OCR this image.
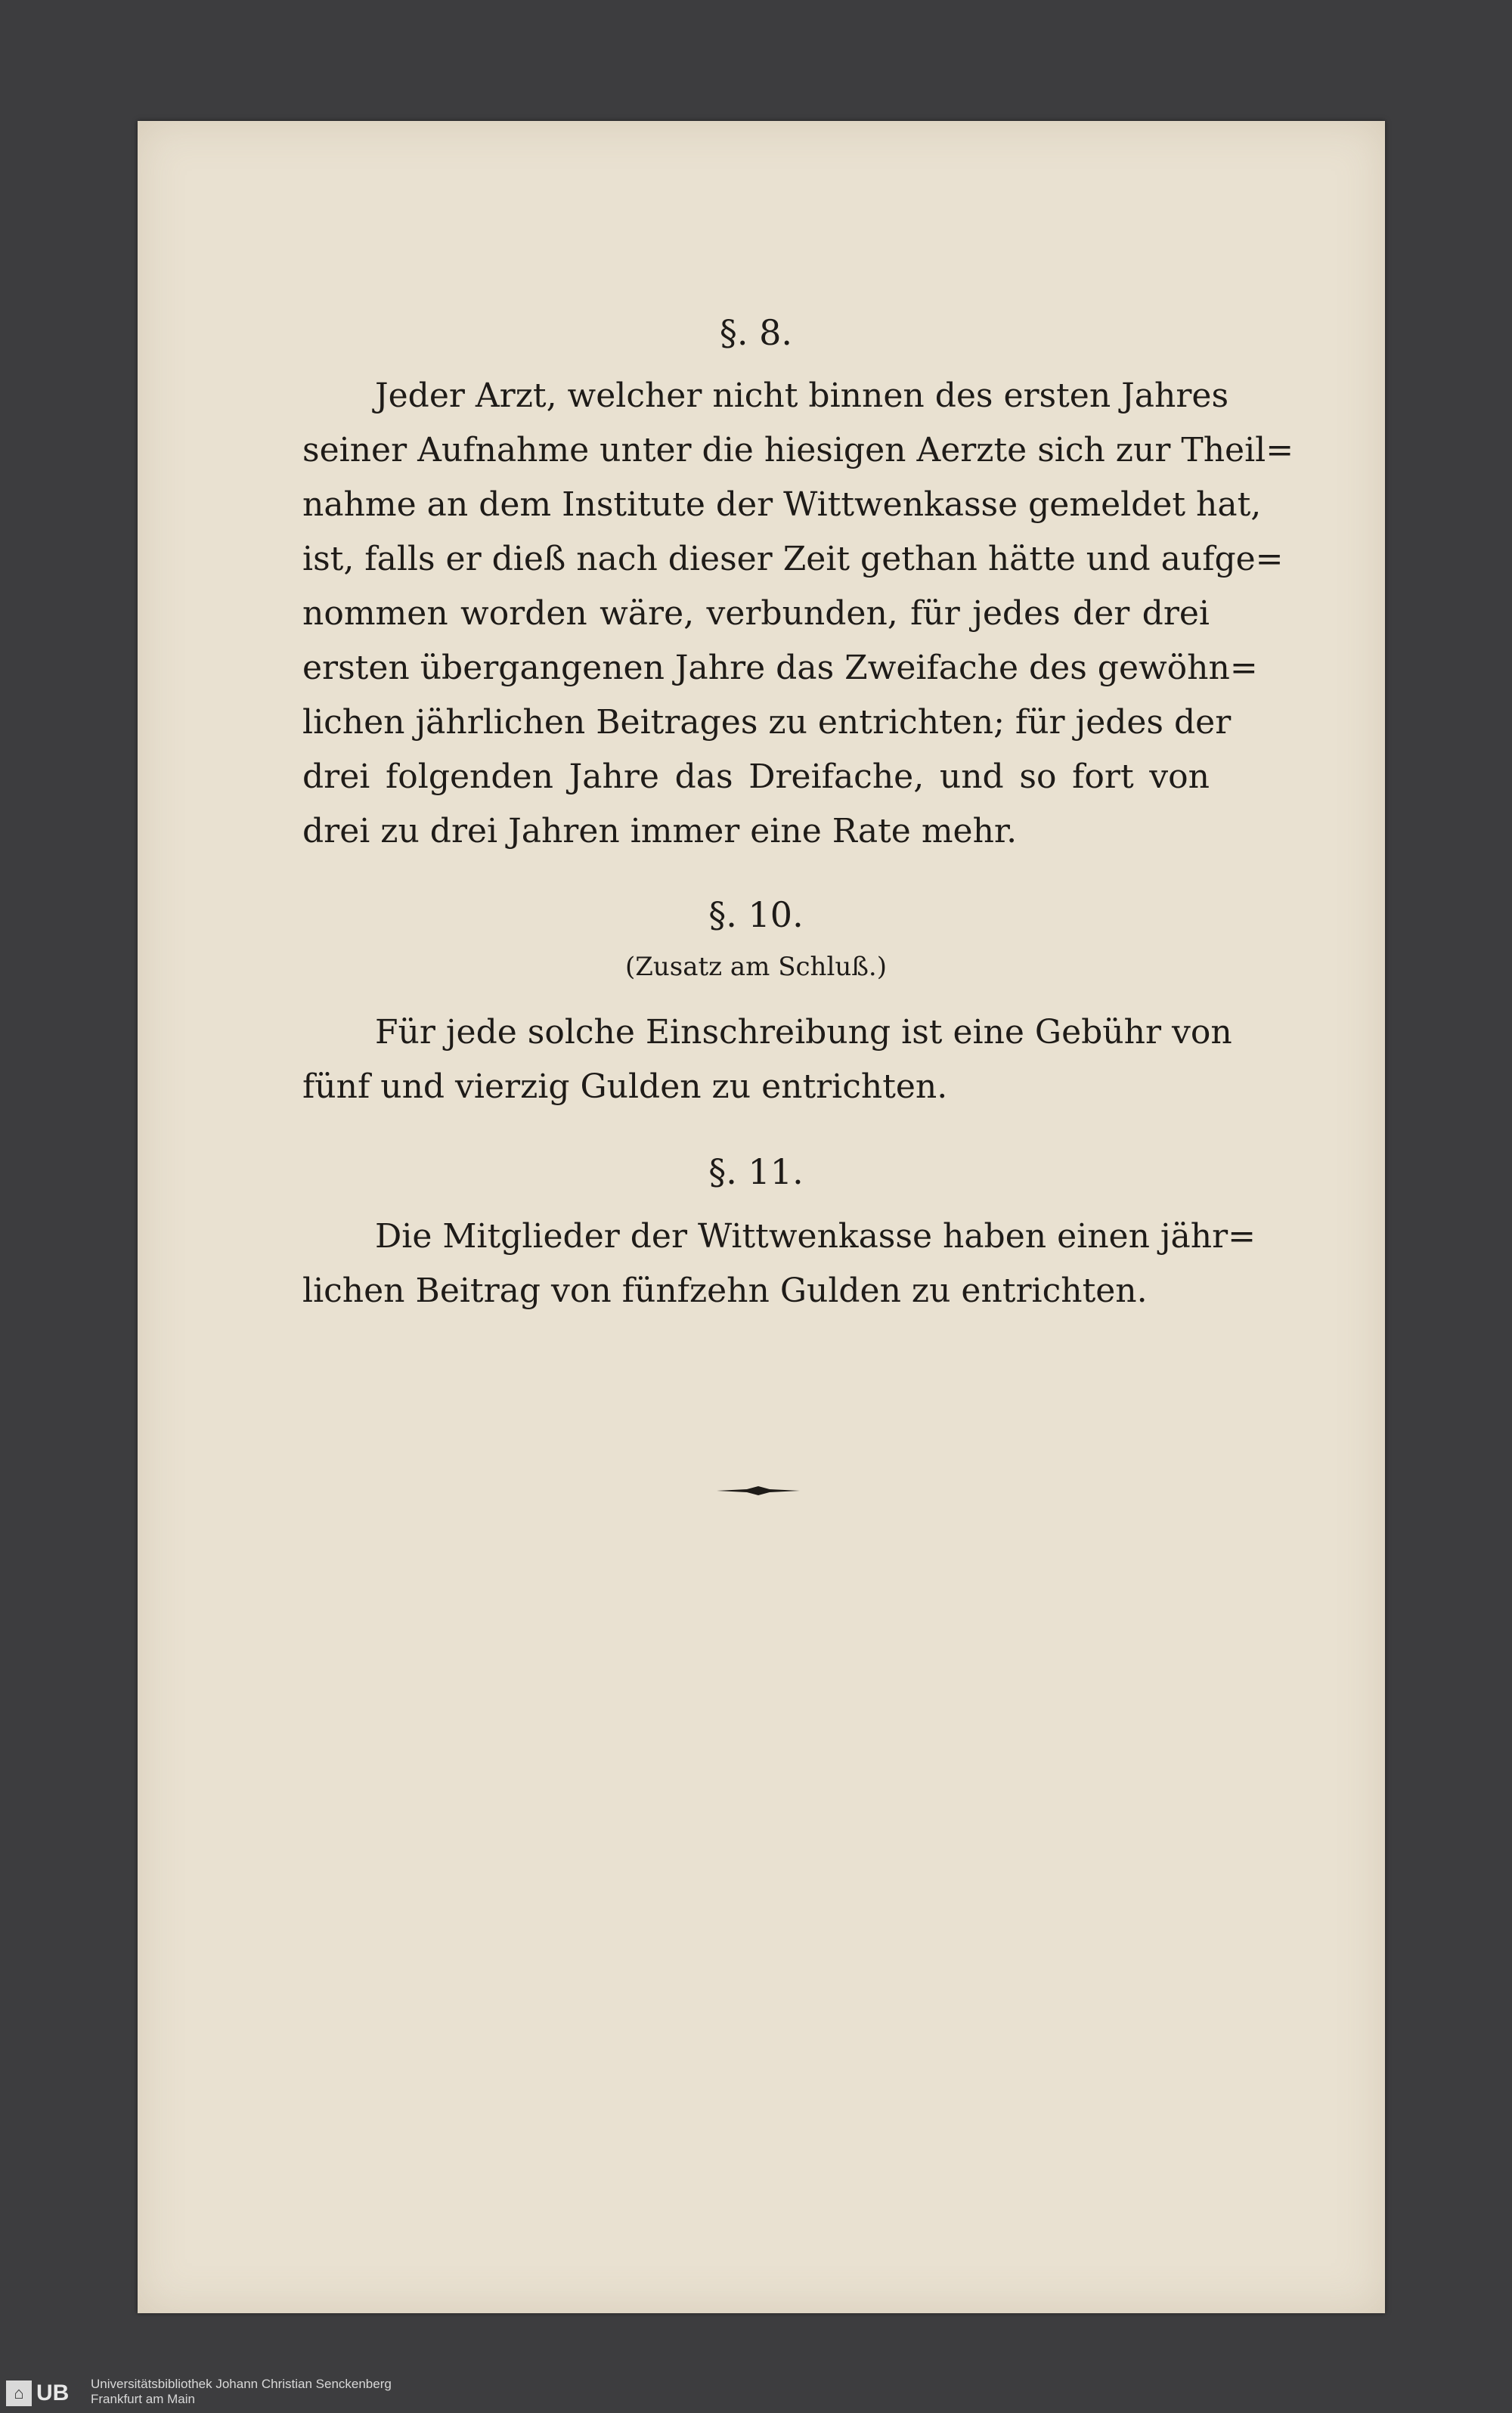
§. 8.

Jeder Arzt, welcher nicht binnen des ersten Jahres
seiner Aufnahme unter die hiesigen Aerzte sich zur Theil=
nahme an dem Institute der Wittwenkasse gemeldet hat,
ist, falls er dieß nach dieser Zeit gethan hätte und aufge=
nommen worden wäre, verbunden, für jedes der drei
ersten übergangenen Jahre das Zweifache des gewöhn=
lichen jährlichen Beitrages zu entrichten; für jedes der
drei folgenden Jahre das Dreifache, und so fort von
drei zu drei Jahren immer eine Rate mehr.

§. 10.

(Zusatz am Schluß.)

Für jede solche Einschreibung ist eine Gebühr von
fünf und vierzig Gulden zu entrichten.

§. 11.

Die Mitglieder der Wittwenkasse haben einen jähr=
lichen Beitrag von fünfzehn Gulden zu entrichten.
⌂ UB Universitätsbibliothek Johann Christian Senckenberg
Frankfurt am Main
